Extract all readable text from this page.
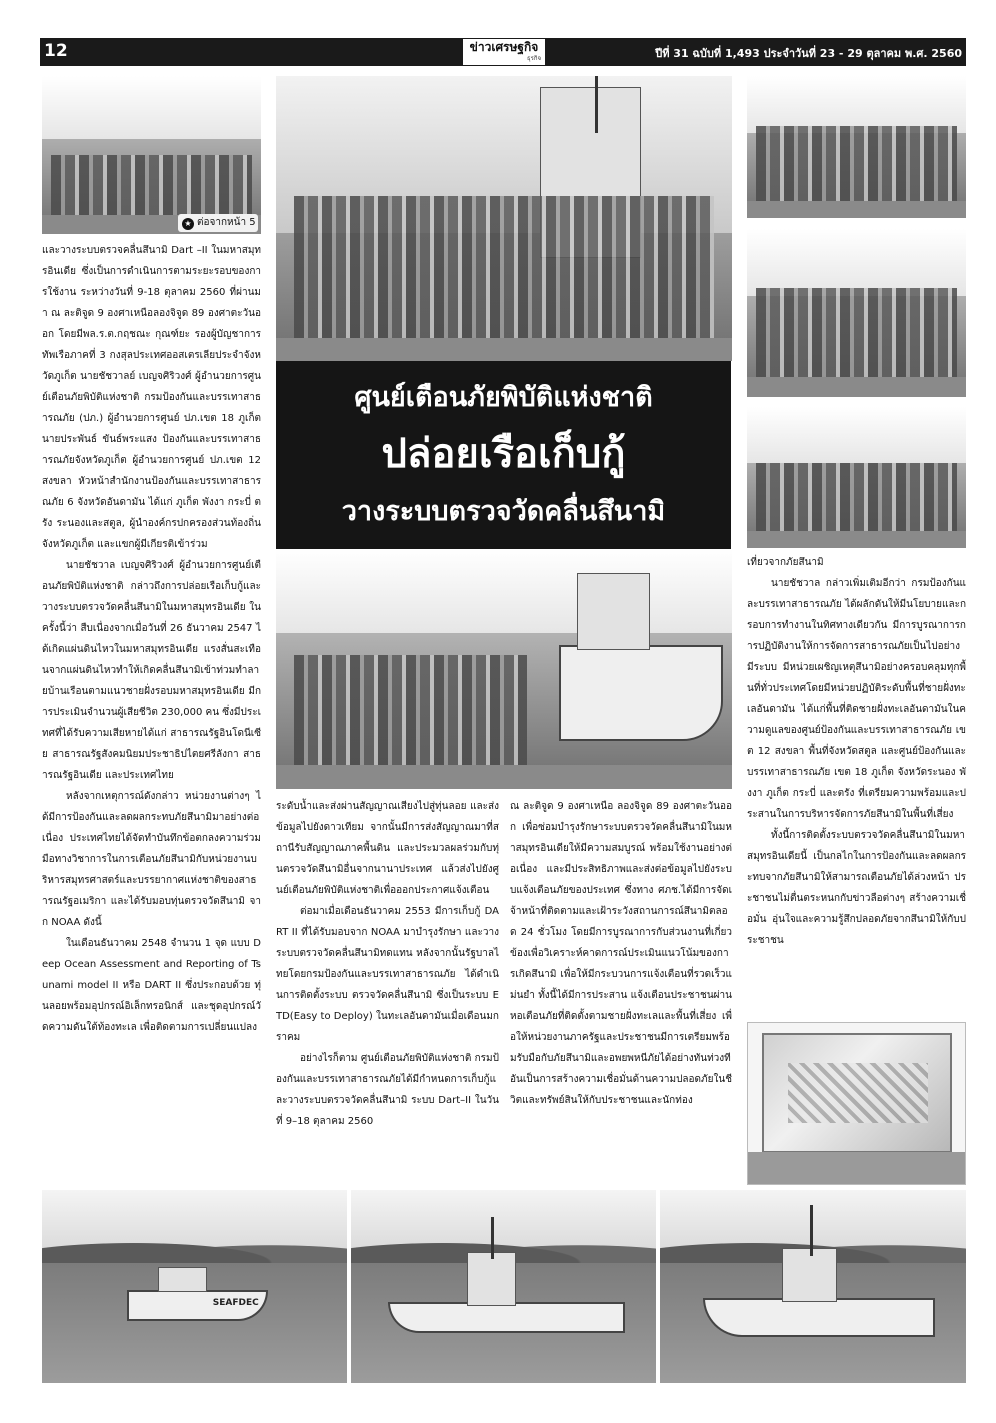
12	ข่าวเศรษฐกิจ
ธุรกิจ	ปีที่ 31 ฉบับที่ 1,493 ประจำวันที่ 23 - 29 ตุลาคม พ.ศ. 2560
★ ต่อจากหน้า 5
ศูนย์เตือนภัยพิบัติแห่งชาติ
ปล่อยเรือเก็บกู้
วางระบบตรวจวัดคลื่นสึนามิ

และวางระบบตรวจคลื่นสึนามิ Dart –II ในมหาสมุทรอินเดีย ซึ่งเป็นการดำเนินการตามระยะรอบของการใช้งาน ระหว่างวันที่ 9-18 ตุลาคม 2560 ที่ผ่านมา ณ ละติจูด 9 องศาเหนือลองจิจูด 89 องศาตะวันออก โดยมีพล.ร.ต.กฤชณะ กุณฑ์ยะ รองผู้บัญชาการทัพเรือภาคที่ 3 กงสุลประเทศออสเตรเลียประจำจังหวัดภูเก็ต นายชัชวาลย์ เบญจศิริวงศ์ ผู้อำนวยการศูนย์เตือนภัยพิบัติแห่งชาติ กรมป้องกันและบรรเทาสาธารณภัย (ปภ.) ผู้อำนวยการศูนย์ ปภ.เขต 18 ภูเก็ต นายประพันธ์ ขันธ์พระแสง ป้องกันและบรรเทาสาธารณภัยจังหวัดภูเก็ต ผู้อำนวยการศูนย์ ปภ.เขต 12 สงขลา หัวหน้าสำนักงานป้องกันและบรรเทาสาธารณภัย 6 จังหวัดอันดามัน ได้แก่ ภูเก็ต พังงา กระบี่ ตรัง ระนองและสตูล, ผู้นำองค์กรปกครองส่วนท้องถิ่นจังหวัดภูเก็ต และแขกผู้มีเกียรติเข้าร่วม

นายชัชวาล เบญจศิริวงศ์ ผู้อำนวยการศูนย์เตือนภัยพิบัติแห่งชาติ กล่าวถึงการปล่อยเรือเก็บกู้และวางระบบตรวจวัดคลื่นสึนามิในมหาสมุทรอินเดีย ในครั้งนี้ว่า สืบเนื่องจากเมื่อวันที่ 26 ธันวาคม 2547 ได้เกิดแผ่นดินไหวในมหาสมุทรอินเดีย แรงสั่นสะเทือนจากแผ่นดินไหวทำให้เกิดคลื่นสึนามิเข้าท่วมทำลายบ้านเรือนตามแนวชายฝั่งรอบมหาสมุทรอินเดีย มีการประเมินจำนวนผู้เสียชีวิต 230,000 คน ซึ่งมีประเทศที่ได้รับความเสียหายได้แก่ สาธารณรัฐอินโดนีเซีย สาธารณรัฐสังคมนิยมประชาธิปไตยศรีลังกา สาธารณรัฐอินเดีย และประเทศไทย

หลังจากเหตุการณ์ดังกล่าว หน่วยงานต่างๆ ได้มีการป้องกันและลดผลกระทบภัยสึนามิมาอย่างต่อเนื่อง ประเทศไทยได้จัดทำบันทึกข้อตกลงความร่วมมือทางวิชาการในการเตือนภัยสึนามิกับหน่วยงานบริหารสมุทรศาสตร์และบรรยากาศแห่งชาติของสาธารณรัฐอเมริกา และได้รับมอบทุ่นตรวจวัดสึนามิ จาก NOAA ดังนี้

ในเดือนธันวาคม 2548 จำนวน 1 จุด แบบ Deep Ocean Assessment and Reporting of Tsunami model II หรือ DART II ซึ่งประกอบด้วย ทุ่นลอยพร้อมอุปกรณ์อิเล็กทรอนิกส์ และชุดอุปกรณ์วัดความดันใต้ท้องทะเล เพื่อติดตามการเปลี่ยนแปลง

ระดับน้ำและส่งผ่านสัญญาณเสียงไปสู่ทุ่นลอย และส่งข้อมูลไปยังดาวเทียม จากนั้นมีการส่งสัญญาณมาที่สถานีรับสัญญาณภาคพื้นดิน และประมวลผลร่วมกับทุ่นตรวจวัดสึนามิอื่นจากนานาประเทศ แล้วส่งไปยังศูนย์เตือนภัยพิบัติแห่งชาติเพื่อออกประกาศแจ้งเตือน

ต่อมาเมื่อเดือนธันวาคม 2553 มีการเก็บกู้ DART II ที่ได้รับมอบจาก NOAA มาบำรุงรักษา และวางระบบตรวจวัดคลื่นสึนามิทดแทน หลังจากนั้นรัฐบาลไทยโดยกรมป้องกันและบรรเทาสาธารณภัย ได้ดำเนินการติดตั้งระบบ ตรวจวัดคลื่นสึนามิ ซึ่งเป็นระบบ ETD(Easy to Deploy) ในทะเลอันดามันเมื่อเดือนมกราคม

อย่างไรก็ตาม ศูนย์เตือนภัยพิบัติแห่งชาติ กรมป้องกันและบรรเทาสาธารณภัยได้มีกำหนดการเก็บกู้และวางระบบตรวจวัดคลื่นสึนามิ ระบบ Dart–II ในวันที่ 9–18 ตุลาคม 2560

ณ ละติจูด 9 องศาเหนือ ลองจิจูด 89 องศาตะวันออก เพื่อซ่อมบำรุงรักษาระบบตรวจวัดคลื่นสึนามิในมหาสมุทรอินเดียให้มีความสมบูรณ์ พร้อมใช้งานอย่างต่อเนื่อง และมีประสิทธิภาพและส่งต่อข้อมูลไปยังระบบแจ้งเตือนภัยของประเทศ ซึ่งทาง ศภช.ได้มีการจัดเจ้าหน้าที่ติดตามและเฝ้าระวังสถานการณ์สึนามิตลอด 24 ชั่วโมง โดยมีการบูรณาการกับส่วนงานที่เกี่ยวข้องเพื่อวิเคราะห์คาดการณ์ประเมินแนวโน้มของการเกิดสึนามิ เพื่อให้มีกระบวนการแจ้งเตือนที่รวดเร็วแม่นยำ ทั้งนี้ได้มีการประสาน แจ้งเตือนประชาชนผ่านหอเตือนภัยที่ติดตั้งตามชายฝั่งทะเลและพื้นที่เสี่ยง เพื่อให้หน่วยงานภาครัฐและประชาชนมีการเตรียมพร้อมรับมือกับภัยสึนามิและอพยพหนีภัยได้อย่างทันท่วงที อันเป็นการสร้างความเชื่อมั่นด้านความปลอดภัยในชีวิตและทรัพย์สินให้กับประชาชนและนักท่อง

เที่ยวจากภัยสึนามิ

นายชัชวาล กล่าวเพิ่มเติมอีกว่า กรมป้องกันและบรรเทาสาธารณภัย ได้ผลักดันให้มีนโยบายและกรอบการทำงานในทิศทางเดียวกัน มีการบูรณาการการปฏิบัติงานให้การจัดการสาธารณภัยเป็นไปอย่างมีระบบ มีหน่วยเผชิญเหตุสึนามิอย่างครอบคลุมทุกพื้นที่ทั่วประเทศโดยมีหน่วยปฏิบัติระดับพื้นที่ชายฝั่งทะเลอันดามัน ได้แก่พื้นที่ติดชายฝั่งทะเลอันดามันในความดูแลของศูนย์ป้องกันและบรรเทาสาธารณภัย เขต 12 สงขลา พื้นที่จังหวัดสตูล และศูนย์ป้องกันและบรรเทาสาธารณภัย เขต 18 ภูเก็ต จังหวัดระนอง พังงา ภูเก็ต กระบี่ และตรัง ที่เตรียมความพร้อมและประสานในการบริหารจัดการภัยสึนามิในพื้นที่เสี่ยง

ทั้งนี้การติดตั้งระบบตรวจวัดคลื่นสึนามิในมหาสมุทรอินเดียนี้ เป็นกลไกในการป้องกันและลดผลกระทบจากภัยสึนามิให้สามารถเตือนภัยได้ล่วงหน้า ประชาชนไม่ตื่นตระหนกกับข่าวลือต่างๆ สร้างความเชื่อมั่น อุ่นใจและความรู้สึกปลอดภัยจากสึนามิให้กับประชาชน

SEAFDEC
